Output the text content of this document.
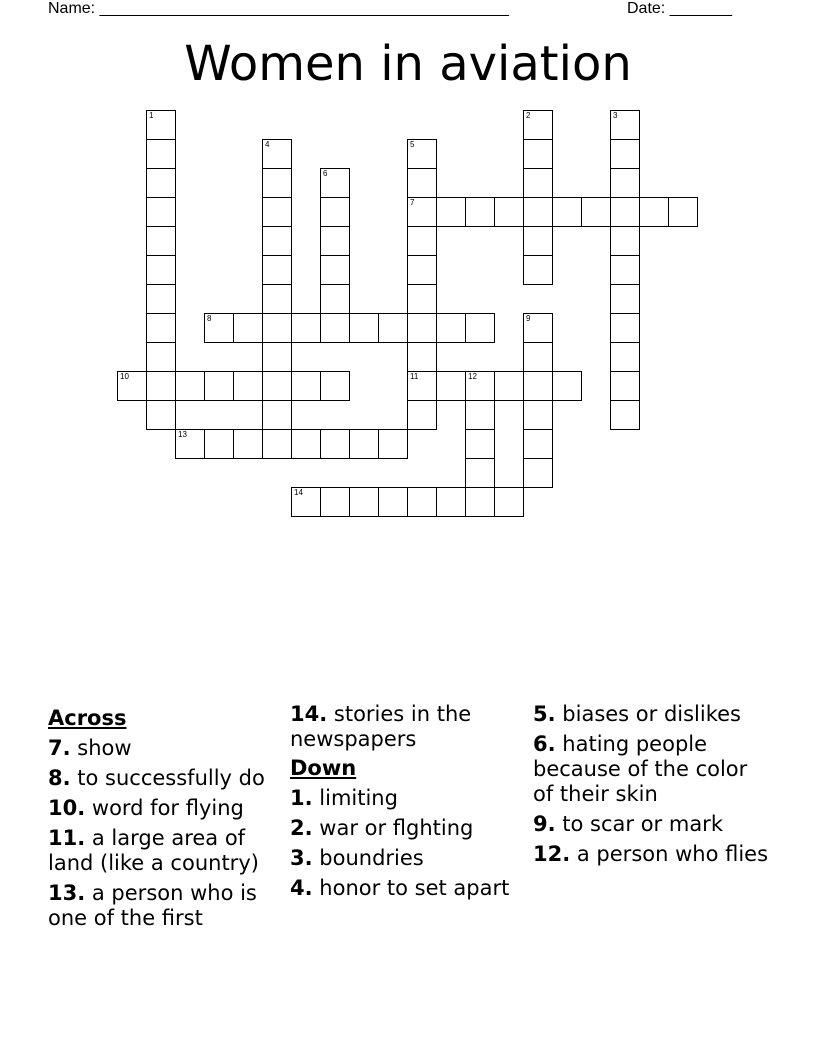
Name: ______________________________________________	Date: _______
Women in aviation
1	2	3
4	5
7
11
6
8	9
10	12
13
14
Across
7. show
8. to successfully do
10. word for flying
11. a large area of land (like a country)
13. a person who is one of the first
14. stories in the newspapers
Down
1. limiting
2. war or flghting
3. boundries
4. honor to set apart
5. biases or dislikes
6. hating people because of the color of their skin
9. to scar or mark
12. a person who flies
